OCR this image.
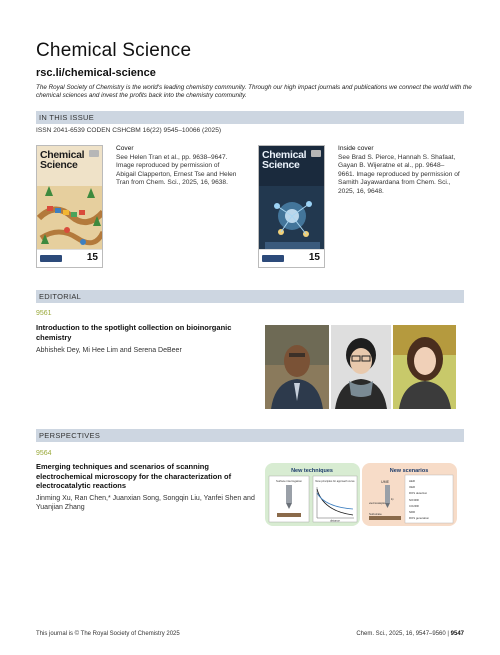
Chemical Science
rsc.li/chemical-science
The Royal Society of Chemistry is the world's leading chemistry community. Through our high impact journals and publications we connect the world with the chemical sciences and invest the profits back into the chemistry community.
IN THIS ISSUE
ISSN 2041-6539 CODEN CSHCBM 16(22) 9545–10066 (2025)
Chemical
Science
15
Cover
See Helen Tran et al., pp. 9638–9647. Image reproduced by permission of Abigail Clapperton, Ernest Tse and Helen Tran from Chem. Sci., 2025, 16, 9638.
Chemical
Science
15
Inside cover
See Brad S. Pierce, Hannah S. Shafaat, Gayan B. Wijeratne et al., pp. 9648–9661. Image reproduced by permission of Samith Jayawardana from Chem. Sci., 2025, 16, 9648.
EDITORIAL
9561
Introduction to the spotlight collection on bioinorganic chemistry
Abhishek Dey, Mi Hee Lim and Serena DeBeer
PERSPECTIVES
9564
Emerging techniques and scenarios of scanning electrochemical microscopy for the characterization of electrocatalytic reactions
Jinming Xu, Ran Chen,* Juanxian Song, Songqin Liu, Yanfei Shen and Yuanjian Zhang
New techniques	New scenarios
Surface interrogation	New principles for approach curve
distance
UME
electrocatalysis
tip
Substrate
HER
OER
ROS detection
NO3RR
CO2RR
NRR
ROS generation
This journal is © The Royal Society of Chemistry 2025	Chem. Sci., 2025, 16, 9547–9560 | 9547
